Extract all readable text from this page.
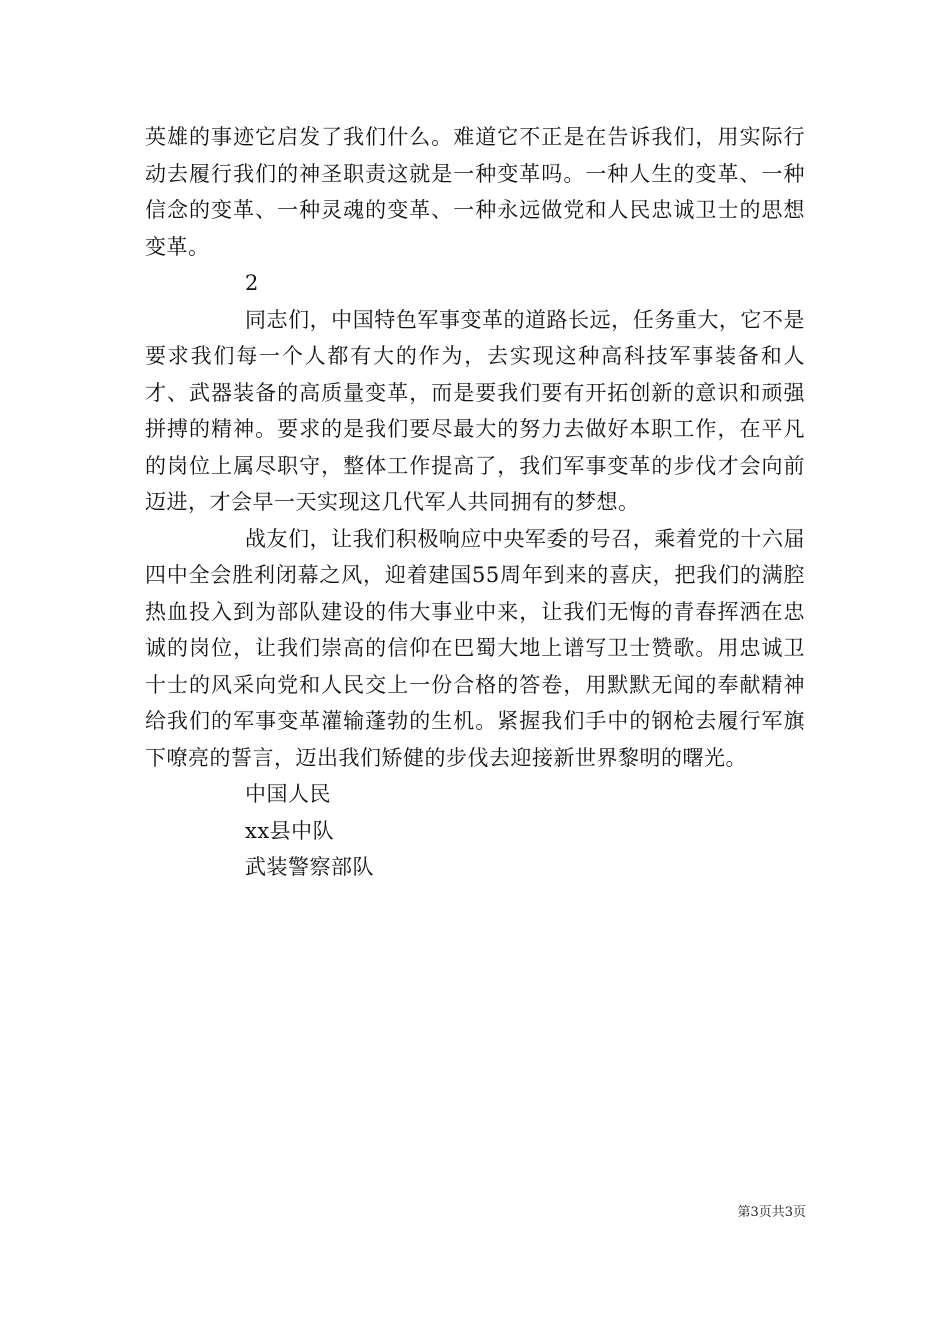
英雄的事迹它启发了我们什么。难道它不正是在告诉我们，用实际行动去履行我们的神圣职责这就是一种变革吗。一种人生的变革、一种信念的变革、一种灵魂的变革、一种永远做党和人民忠诚卫士的思想变革。

2

同志们，中国特色军事变革的道路长远，任务重大，它不是要求我们每一个人都有大的作为，去实现这种高科技军事装备和人才、武器装备的高质量变革，而是要我们要有开拓创新的意识和顽强拼搏的精神。要求的是我们要尽最大的努力去做好本职工作，在平凡的岗位上属尽职守，整体工作提高了，我们军事变革的步伐才会向前迈进，才会早一天实现这几代军人共同拥有的梦想。

战友们，让我们积极响应中央军委的号召，乘着党的十六届四中全会胜利闭幕之风，迎着建国55周年到来的喜庆，把我们的满腔热血投入到为部队建设的伟大事业中来，让我们无悔的青春挥洒在忠诚的岗位，让我们崇高的信仰在巴蜀大地上谱写卫士赞歌。用忠诚卫十士的风采向党和人民交上一份合格的答卷，用默默无闻的奉献精神给我们的军事变革灌输蓬勃的生机。紧握我们手中的钢枪去履行军旗下嘹亮的誓言，迈出我们矫健的步伐去迎接新世界黎明的曙光。

中国人民

xx县中队

武装警察部队

第3页共3页
